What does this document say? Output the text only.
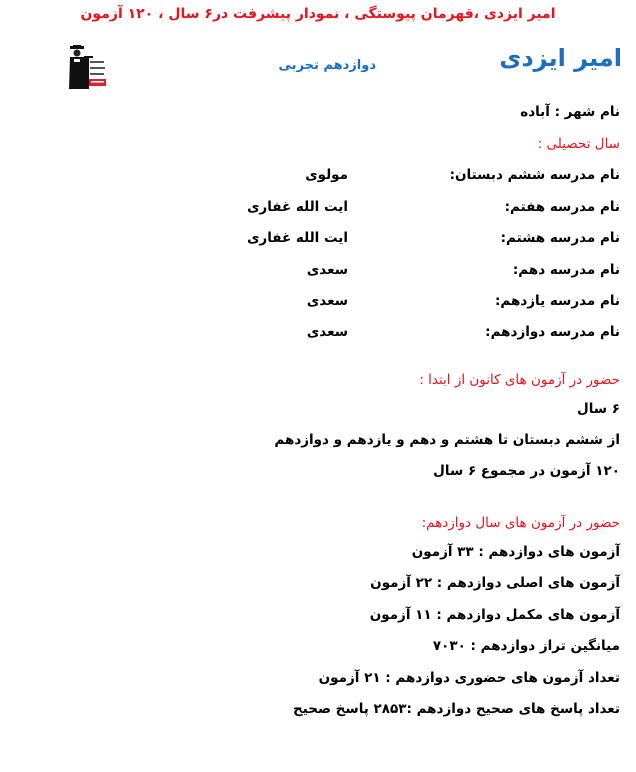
امیر ایزدی ،قهرمان پیوستگی ، نمودار پیشرفت در۶ سال ، ۱۲۰ آزمون
امیر ایزدی
دوازدهم تجربی
نام شهر : آباده
سال تحصیلی :
نام مدرسه ششم دبستان:
مولوی
نام مدرسه هفتم:
ایت الله غفاری
نام مدرسه هشتم:
ایت الله غفاری
نام مدرسه دهم:
سعدی
نام مدرسه یازدهم:
سعدی
نام مدرسه دوازدهم:
سعدی
حضور در آزمون های کانون از ابتدا :
۶ سال
از ششم دبستان تا هشتم و دهم و یازدهم و دوازدهم
۱۲۰ آزمون در مجموع ۶ سال
حضور در آزمون های سال دوازدهم:
آزمون های دوازدهم : ۳۳ آزمون
آزمون های اصلی دوازدهم : ۲۲ آزمون
آزمون های مکمل دوازدهم : ۱۱ آزمون
میانگین تراز دوازدهم : ۷۰۳۰
تعداد آزمون های حضوری دوازدهم : ۲۱ آزمون
تعداد پاسخ های صحیح دوازدهم :۲۸۵۳ پاسخ صحیح
